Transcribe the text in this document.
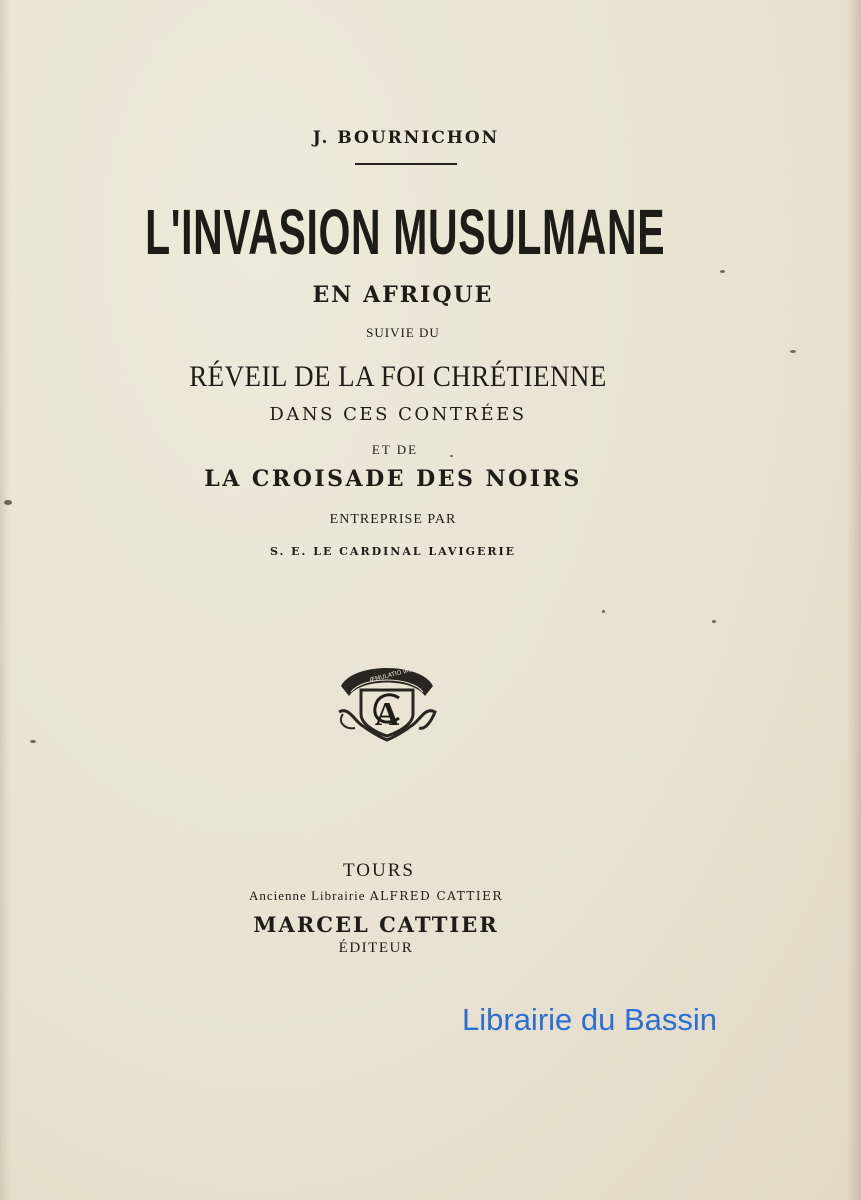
J. BOURNICHON
L'INVASION MUSULMANE
EN AFRIQUE
SUIVIE DU
RÉVEIL DE LA FOI CHRÉTIENNE
DANS CES CONTRÉES
ET DE
LA CROISADE DES NOIRS
ENTREPRISE PAR
S. E. LE CARDINAL LAVIGERIE
A
ÆMULATIO IMPAR
TOURS
Ancienne Librairie ALFRED CATTIER
MARCEL CATTIER
ÉDITEUR
Librairie du Bassin
